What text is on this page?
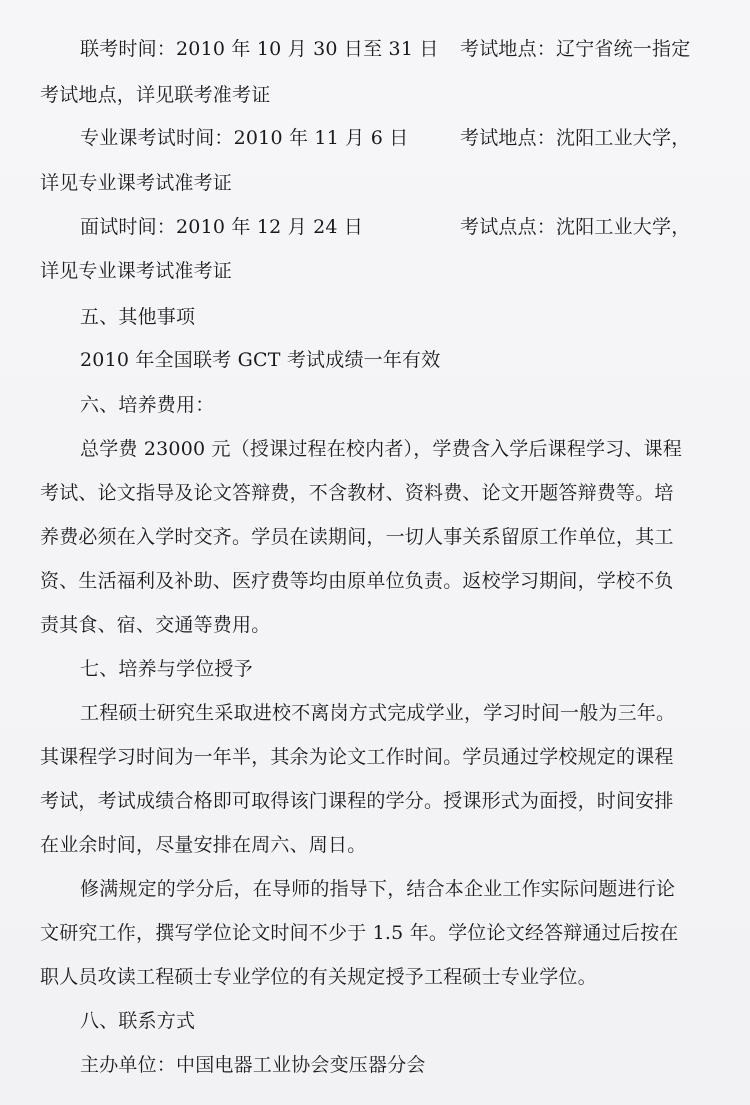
联考时间：2010 年 10 月 30 日至 31 日 考试地点：辽宁省统一指定
考试地点，详见联考准考证
专业课考试时间：2010 年 11 月 6 日	考试地点：沈阳工业大学，
详见专业课考试准考证
面试时间：2010 年 12 月 24 日	考试点点：沈阳工业大学，
详见专业课考试准考证
五、其他事项
2010 年全国联考 GCT 考试成绩一年有效
六、培养费用：
总学费 23000 元（授课过程在校内者），学费含入学后课程学习、课程
考试、论文指导及论文答辩费，不含教材、资料费、论文开题答辩费等。培
养费必须在入学时交齐。学员在读期间，一切人事关系留原工作单位，其工
资、生活福利及补助、医疗费等均由原单位负责。返校学习期间，学校不负
责其食、宿、交通等费用。
七、培养与学位授予
工程硕士研究生采取进校不离岗方式完成学业，学习时间一般为三年。
其课程学习时间为一年半，其余为论文工作时间。学员通过学校规定的课程
考试，考试成绩合格即可取得该门课程的学分。授课形式为面授，时间安排
在业余时间，尽量安排在周六、周日。
修满规定的学分后，在导师的指导下，结合本企业工作实际问题进行论
文研究工作，撰写学位论文时间不少于 1.5 年。学位论文经答辩通过后按在
职人员攻读工程硕士专业学位的有关规定授予工程硕士专业学位。
八、联系方式
主办单位：中国电器工业协会变压器分会
